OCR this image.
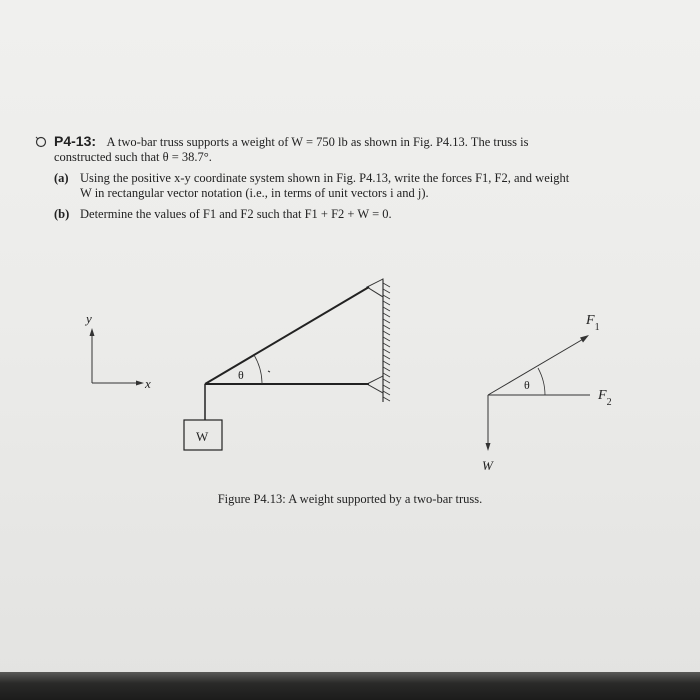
P4-13: A two-bar truss supports a weight of W = 750 lb as shown in Fig. P4.13. The truss is
constructed such that θ = 38.7°.
(a) Using the positive x-y coordinate system shown in Fig. P4.13, write the forces F1, F2, and weight
W in rectangular vector notation (i.e., in terms of unit vectors i and j).
(b) Determine the values of F1 and F2 such that F1 + F2 + W = 0.
y
x
θ
W
θ
$F_1$
$F_2$
W
Figure P4.13: A weight supported by a two-bar truss.
